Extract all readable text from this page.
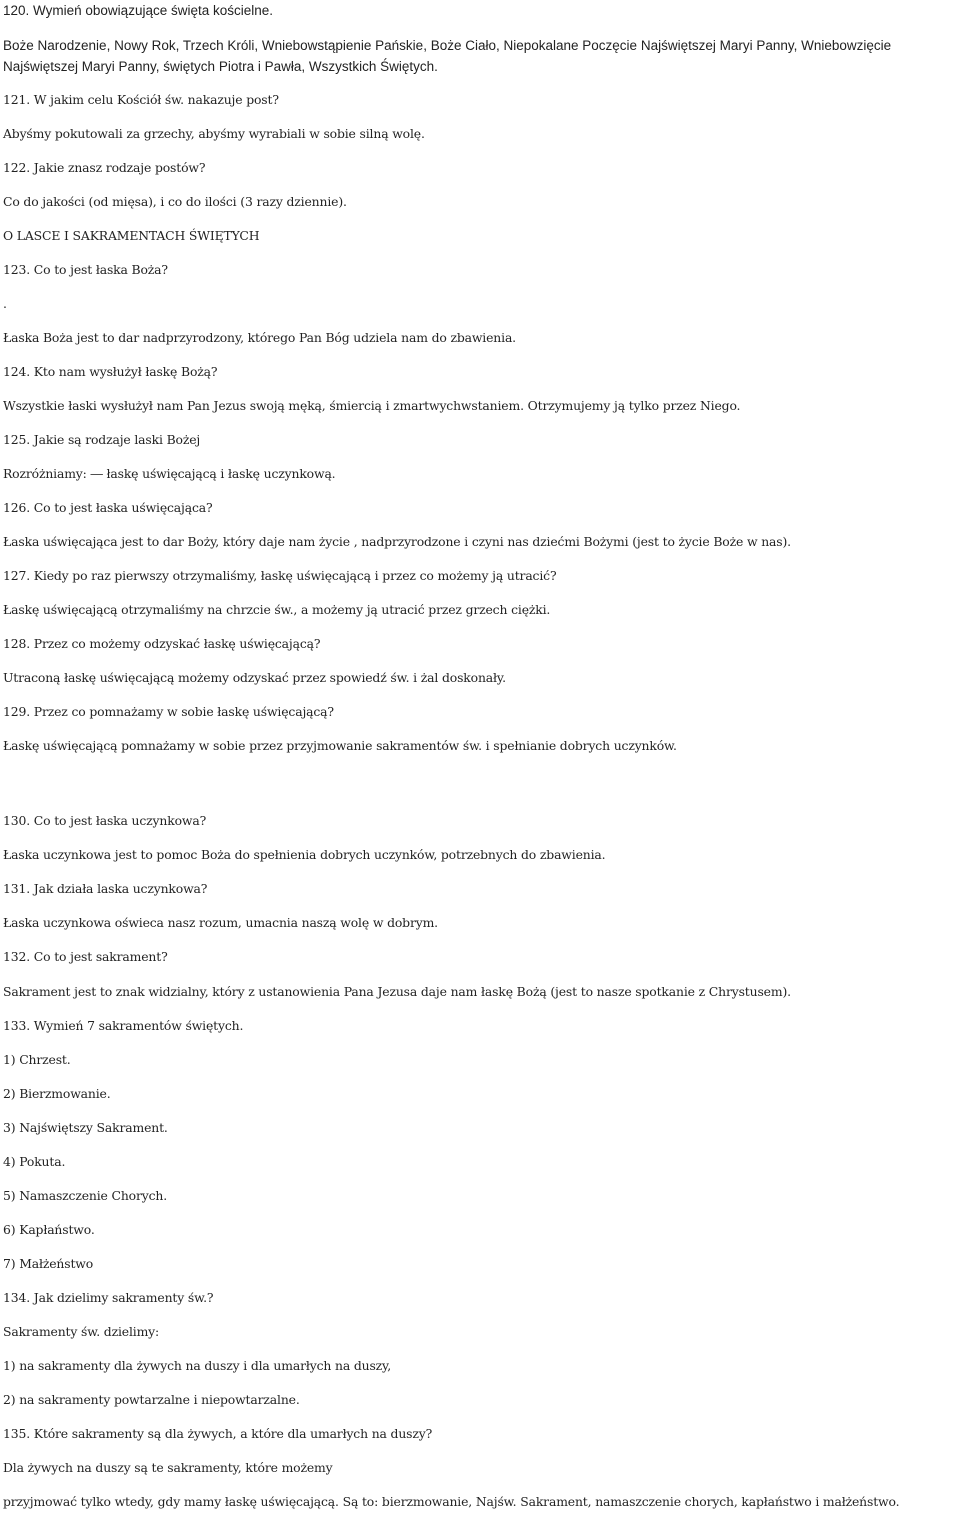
120. Wymień obowiązujące święta kościelne.
Boże Narodzenie, Nowy Rok, Trzech Króli, Wniebowstąpienie Pańskie, Boże Ciało, Niepokalane Poczęcie Najświętszej Maryi Panny, Wniebowzięcie Najświętszej Maryi Panny, świętych Piotra i Pawła, Wszystkich Świętych.
121. W jakim celu Kościół św. nakazuje post?
Abyśmy pokutowali za grzechy, abyśmy wyrabiali w sobie silną wolę.
122. Jakie znasz rodzaje postów?
Co do jakości (od mięsa), i co do ilości (3 razy dziennie).
O LASCE I SAKRAMENTACH ŚWIĘTYCH
123. Co to jest łaska Boża?
.
Łaska Boża jest to dar nadprzyrodzony, którego Pan Bóg udziela nam do zbawienia.
124. Kto nam wysłużył łaskę Bożą?
Wszystkie łaski wysłużył nam Pan Jezus swoją męką, śmiercią i zmartwychwstaniem. Otrzymujemy ją tylko przez Niego.
125. Jakie są rodzaje laski Bożej
Rozróżniamy: ― łaskę uświęcającą i łaskę uczynkową.
126. Co to jest łaska uświęcająca?
Łaska uświęcająca jest to dar Boży, który daje nam życie , nadprzyrodzone i czyni nas dziećmi Bożymi (jest to życie Boże w nas).
127. Kiedy po raz pierwszy otrzymaliśmy, łaskę uświęcającą i przez co możemy ją utracić?
Łaskę uświęcającą otrzymaliśmy na chrzcie św., a możemy ją utracić przez grzech ciężki.
128. Przez co możemy odzyskać łaskę uświęcającą?
Utraconą łaskę uświęcającą możemy odzyskać przez spowiedź św. i żal doskonały.
129. Przez co pomnażamy w sobie łaskę uświęcającą?
Łaskę uświęcającą pomnażamy w sobie przez przyjmowanie sakramentów św. i spełnianie dobrych uczynków.
130. Co to jest łaska uczynkowa?
Łaska uczynkowa jest to pomoc Boża do spełnienia dobrych uczynków, potrzebnych do zbawienia.
131. Jak działa laska uczynkowa?
Łaska uczynkowa oświeca nasz rozum, umacnia naszą wolę w dobrym.
132. Co to jest sakrament?
Sakrament jest to znak widzialny, który z ustanowienia Pana Jezusa daje nam łaskę Bożą (jest to nasze spotkanie z Chrystusem).
133. Wymień 7 sakramentów świętych.
1) Chrzest.
2) Bierzmowanie.
3) Najświętszy Sakrament.
4) Pokuta.
5) Namaszczenie Chorych.
6) Kapłaństwo.
7) Małżeństwo
134. Jak dzielimy sakramenty św.?
Sakramenty św. dzielimy:
1) na sakramenty dla żywych na duszy i dla umarłych na duszy,
2) na sakramenty powtarzalne i niepowtarzalne.
135. Które sakramenty są dla żywych, a które dla umarłych na duszy?
Dla żywych na duszy są te sakramenty, które możemy
przyjmować tylko wtedy, gdy mamy łaskę uświęcającą. Są to: bierzmowanie, Najśw. Sakrament, namaszczenie chorych, kapłaństwo i małżeństwo.
